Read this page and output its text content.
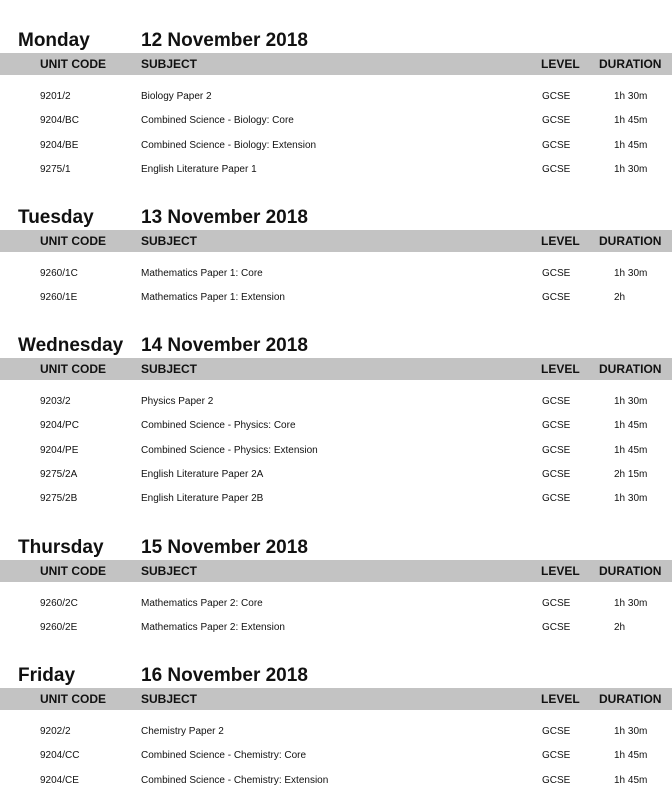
Monday	12 November 2018
UNIT CODE	SUBJECT	LEVEL DURATION
9201/2	Biology Paper 2	GCSE	1h 30m
9204/BC	Combined Science - Biology: Core	GCSE	1h 45m
9204/BE	Combined Science - Biology: Extension	GCSE	1h 45m
9275/1	English Literature Paper 1	GCSE	1h 30m
Tuesday 13 November 2018
UNIT CODE	SUBJECT	LEVEL DURATION
9260/1C	Mathematics Paper 1: Core	GCSE	1h 30m
9260/1E	Mathematics Paper 1: Extension	GCSE	2h
Wednesday 14 November 2018
UNIT CODE	SUBJECT	LEVEL DURATION
9203/2	Physics Paper 2	GCSE	1h 30m
9204/PC	Combined Science - Physics: Core	GCSE	1h 45m
9204/PE	Combined Science - Physics: Extension	GCSE	1h 45m
9275/2A	English Literature Paper 2A	GCSE	2h 15m
9275/2B	English Literature Paper 2B	GCSE	1h 30m
Thursday 15 November 2018
UNIT CODE	SUBJECT	LEVEL DURATION
9260/2C	Mathematics Paper 2: Core	GCSE	1h 30m
9260/2E	Mathematics Paper 2: Extension	GCSE	2h
Friday	16 November 2018
UNIT CODE	SUBJECT	LEVEL DURATION
9202/2	Chemistry Paper 2	GCSE	1h 30m
9204/CC	Combined Science - Chemistry: Core	GCSE	1h 45m
9204/CE	Combined Science - Chemistry: Extension	GCSE	1h 45m
